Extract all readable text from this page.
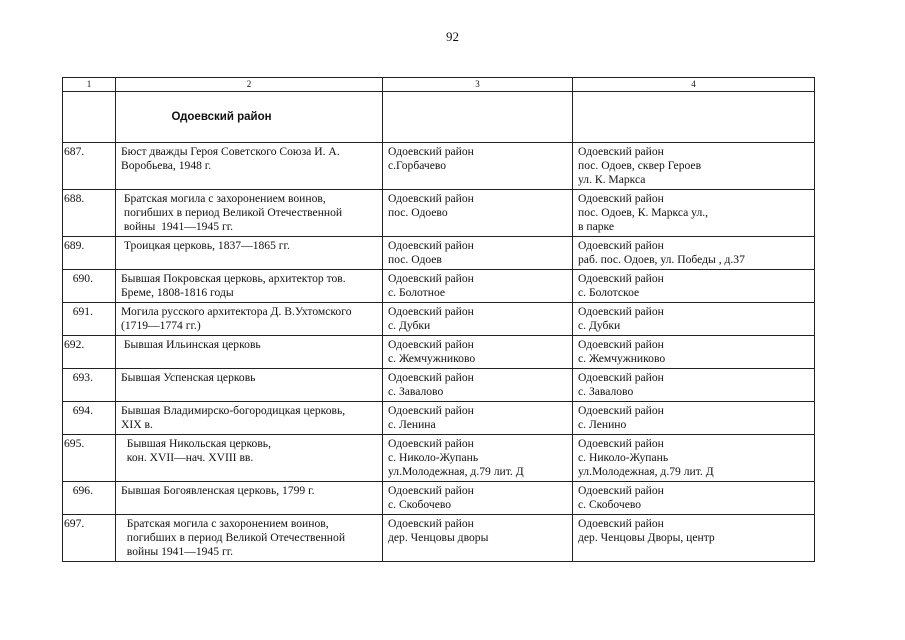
92
1	2	3	4
	Одоевский район		
687.	Бюст дважды Героя Советского Союза И. А.
Воробьева, 1948 г.	Одоевский район
с.Горбачево	Одоевский район
пос. Одоев, сквер Героев
ул. К. Маркса

688.	Братская могила с захоронением воинов,
погибших в период Великой Отечественной
войны  1941—1945 гг.	Одоевский район
пос. Одоево	Одоевский район
пос. Одоев, К. Маркса ул.,
в парке

689.	Троицкая церковь, 1837—1865 гг.	Одоевский район
пос. Одоев	Одоевский район
раб. пос. Одоев, ул. Победы , д.37

690.	Бывшая Покровская церковь, архитектор тов.
Бреме, 1808-1816 годы	Одоевский район
с. Болотное	Одоевский район
с. Болотское

691.	Могила русского архитектора Д. В.Ухтомского
(1719—1774 гг.)	Одоевский район
с. Дубки	Одоевский район
с. Дубки

692.	Бывшая Ильинская церковь	Одоевский район
с. Жемчужниково	Одоевский район
с. Жемчужниково

693.	Бывшая Успенская церковь	Одоевский район
с. Завалово	Одоевский район
с. Завалово

694.	Бывшая Владимирско-богородицкая церковь,
XIX в.	Одоевский район
с. Ленина	Одоевский район
с. Ленино

695.	Бывшая Никольская церковь,
кон. XVII—нач. XVIII вв.	Одоевский район
с. Николо-Жупань
ул.Молодежная, д.79 лит. Д	Одоевский район
с. Николо-Жупань
ул.Молодежная, д.79 лит. Д

696.	Бывшая Богоявленская церковь, 1799 г.	Одоевский район
с. Скобочево	Одоевский район
с. Скобочево

697.	Братская могила с захоронением воинов,
погибших в период Великой Отечественной
войны 1941—1945 гг.	Одоевский район
дер. Ченцовы дворы	Одоевский район
дер. Ченцовы Дворы, центр
